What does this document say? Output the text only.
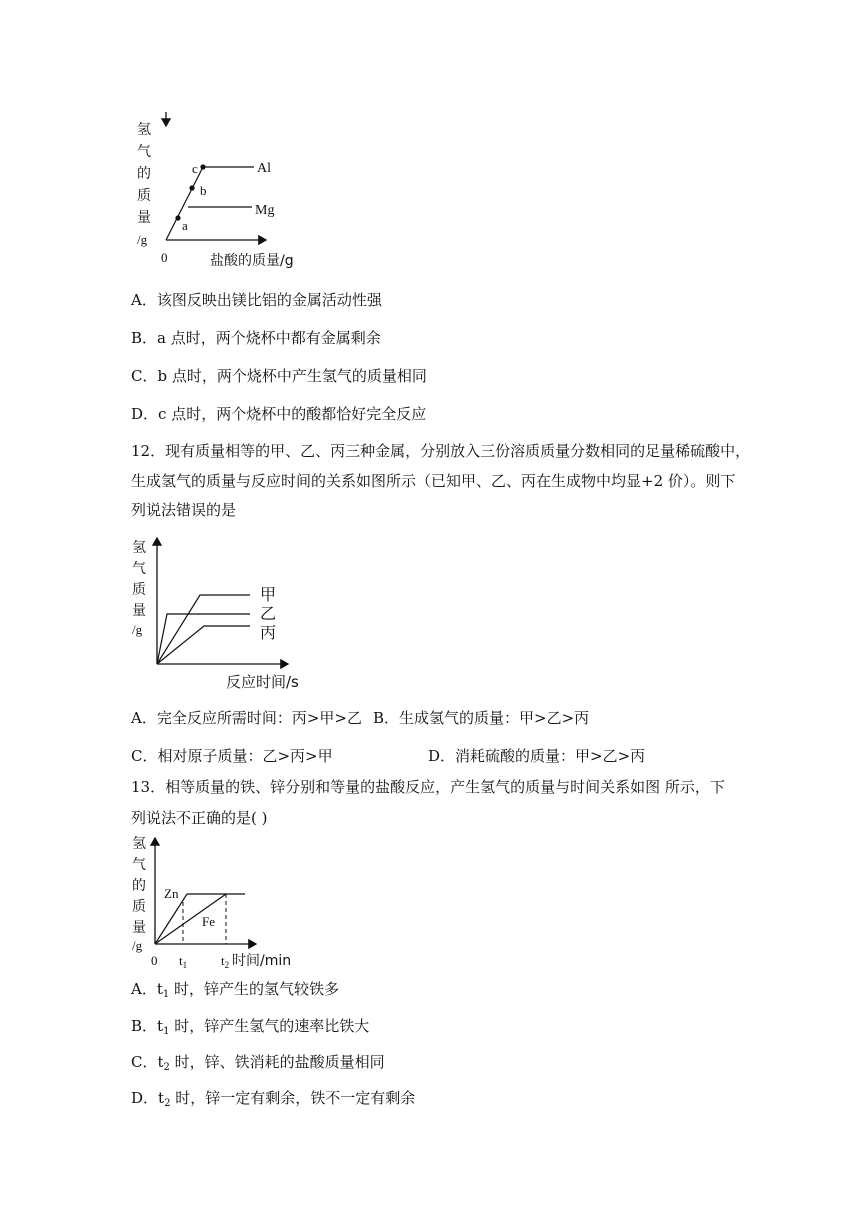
a
b
c	Al
Mg
氢
气
的
质
量
/g
0	盐酸的质量/g
A．该图反映出镁比铝的金属活动性强
B．a 点时，两个烧杯中都有金属剩余
C．b 点时，两个烧杯中产生氢气的质量相同
D．c 点时，两个烧杯中的酸都恰好完全反应
12．现有质量相等的甲、乙、丙三种金属，分别放入三份溶质质量分数相同的足量稀硫酸中，
生成氢气的质量与反应时间的关系如图所示（已知甲、乙、丙在生成物中均显+2 价）。则下
列说法错误的是
甲
乙
丙
氢
气
质
量
/g
反应时间/s
A．完全反应所需时间：丙>甲>乙 B．生成氢气的质量：甲>乙>丙
C．相对原子质量：乙>丙>甲	D．消耗硫酸的质量：甲>乙>丙
13．相等质量的铁、锌分别和等量的盐酸反应，产生氢气的质量与时间关系如图 所示，下
列说法不正确的是( )
Zn
Fe
氢
气
的
质
量
/g
0 $t_1$	$t_2$ 时间/min
A．$t_1$ 时，锌产生的氢气较铁多
B．$t_1$ 时，锌产生氢气的速率比铁大
C．$t_2$ 时，锌、铁消耗的盐酸质量相同
D．$t_2$ 时，锌一定有剩余，铁不一定有剩余
